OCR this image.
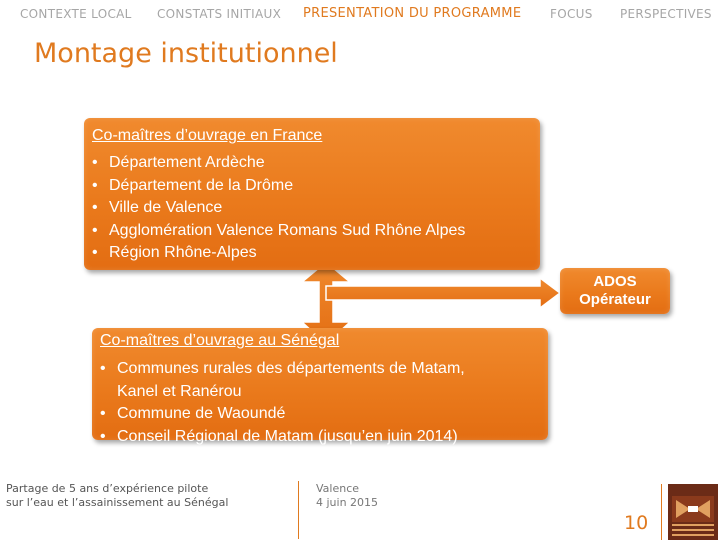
CONTEXTE LOCAL CONSTATS INITIAUX PRESENTATION DU PROGRAMME FOCUS PERSPECTIVES
Montage institutionnel
Co-maîtres d’ouvrage en France
• Département Ardèche
• Département de la Drôme
• Ville de Valence
• Agglomération Valence Romans Sud Rhône Alpes
• Région Rhône-Alpes
ADOS
Opérateur
Co-maîtres d’ouvrage au Sénégal
• Communes rurales des départements de Matam,
Kanel et Ranérou
• Commune de Waoundé
• Conseil Régional de Matam (jusqu’en juin 2014)
Partage de 5 ans d’expérience pilote
sur l’eau et l’assainissement au Sénégal
Valence
4 juin 2015
10
